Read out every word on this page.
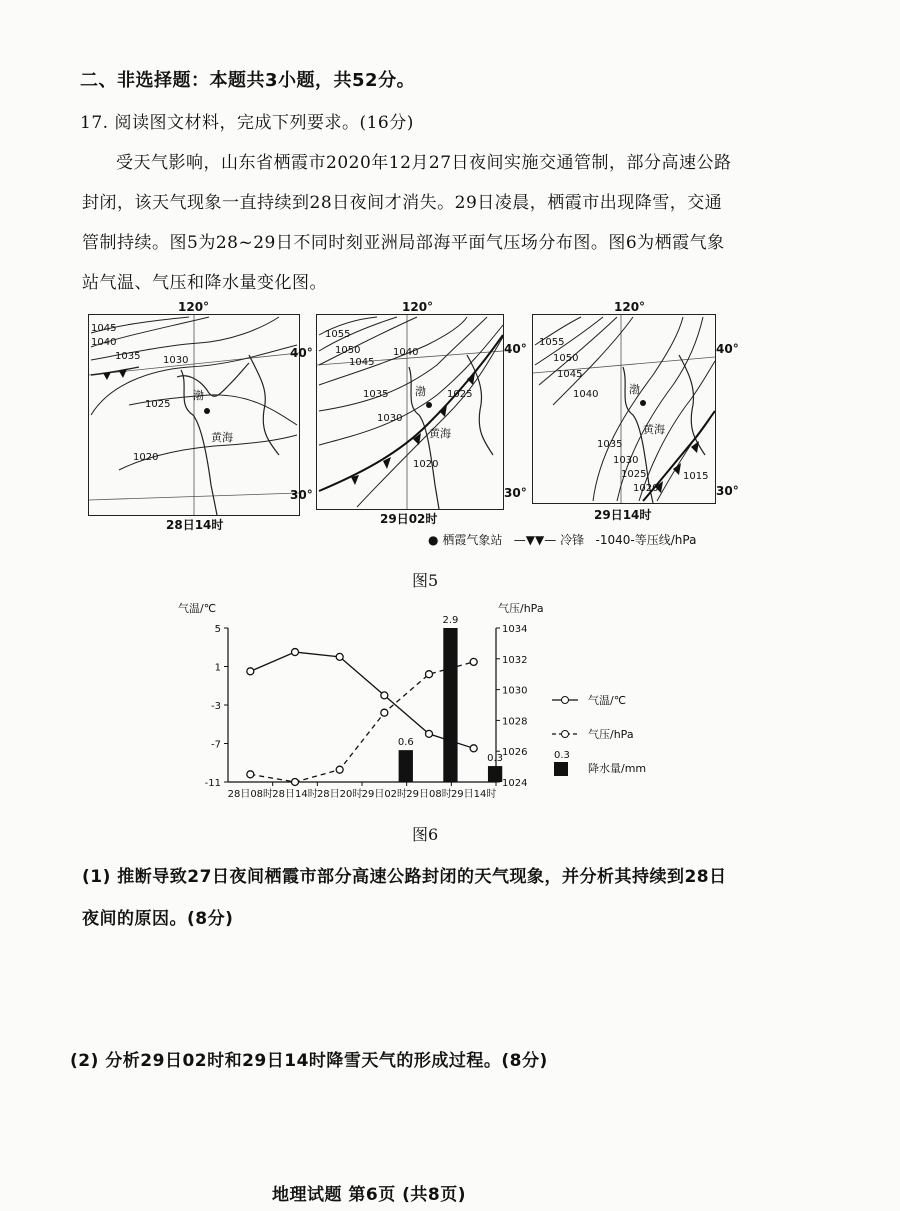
二、非选择题：本题共3小题，共52分。
17. 阅读图文材料，完成下列要求。(16分)
受天气影响，山东省栖霞市2020年12月27日夜间实施交通管制，部分高速公路
封闭，该天气现象一直持续到28日夜间才消失。29日凌晨，栖霞市出现降雪，交通
管制持续。图5为28~29日不同时刻亚洲局部海平面气压场分布图。图6为栖霞气象
站气温、气压和降水量变化图。
120°
1045
1040
1035 1030
1025
1020
渤
黄海
40°
30°
28日14时
120°
1055
1050
1045
1040
1035
1030
1025
1020
渤
黄海
40°
30°
29日02时
120°
1055
1050
1045
1040
1035
1030
1025
1020
1015
渤
黄海
40°
30°
29日14时
● 栖霞气象站 —▼▼— 冷锋 -1040-等压线/hPa
图5
气温/℃	气压/hPa
5
1
-3
-7
-11
1034
1032
1030
1028
1026
1024
28日08时 28日14时 28日20时 29日02时 29日08时 29日14时
0.6
2.9
0.3
气温/℃
气压/hPa
0.3
降水量/mm
图6
(1) 推断导致27日夜间栖霞市部分高速公路封闭的天气现象，并分析其持续到28日
夜间的原因。(8分)
(2) 分析29日02时和29日14时降雪天气的形成过程。(8分)
地理试题 第6页 (共8页)
